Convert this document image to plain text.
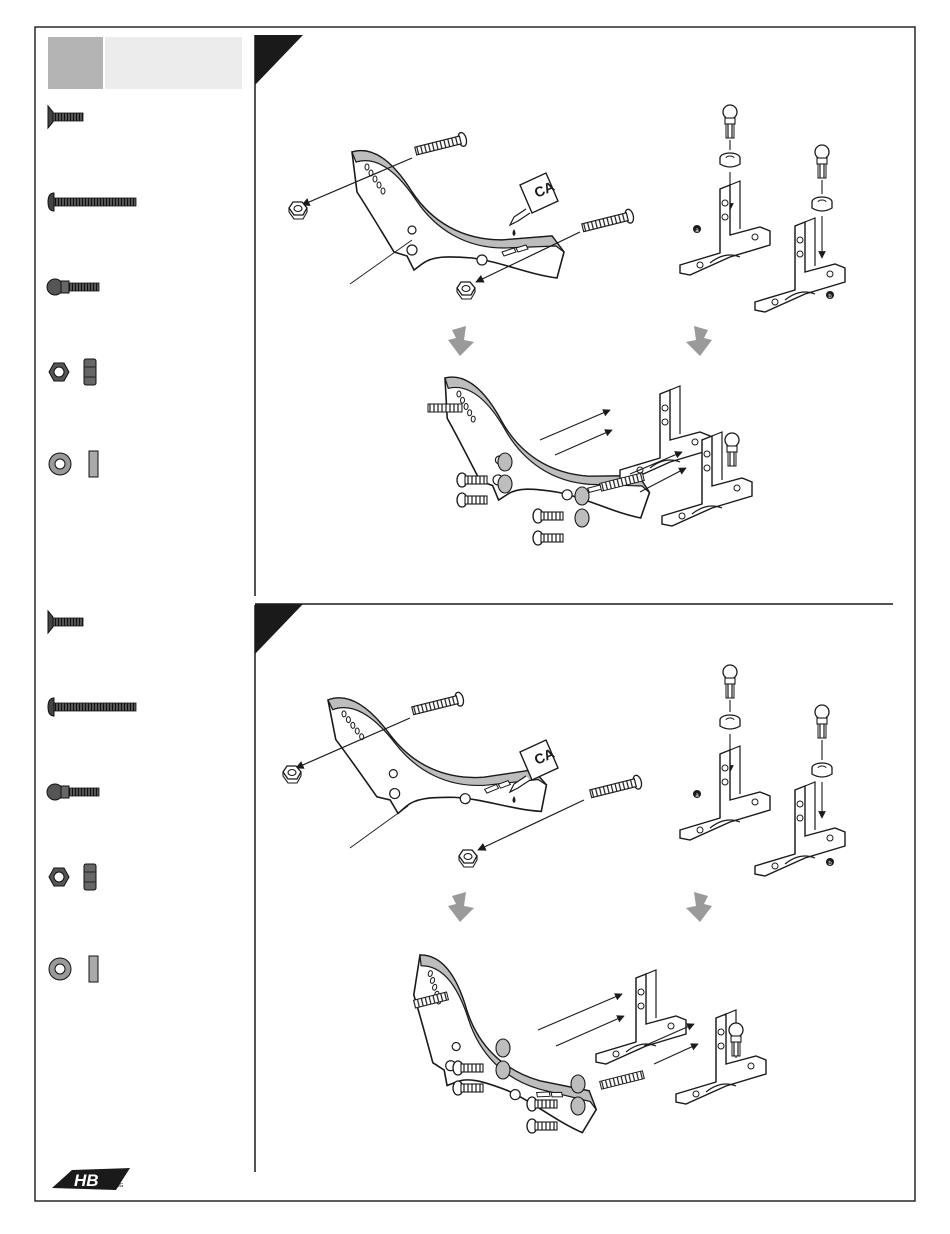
CA
a
b
CA
a
b
HB RACING
